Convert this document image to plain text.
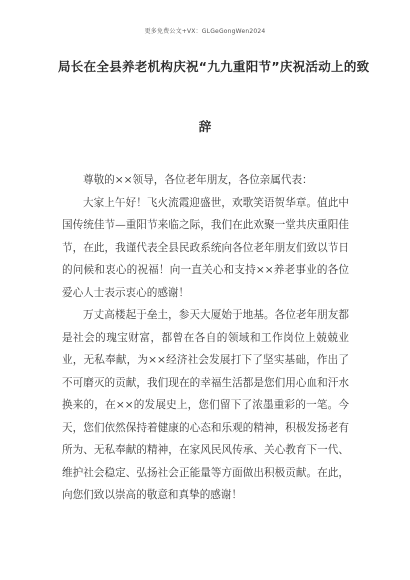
更多免费公文+VX：GLGeGongWen2024
局长在全县养老机构庆祝“九九重阳节”庆祝活动上的致
辞

尊敬的××领导，各位老年朋友，各位亲属代表：

大家上午好！飞火流霞迎盛世，欢歌笑语贺华章。值此中国传统佳节—重阳节来临之际，我们在此欢聚一堂共庆重阳佳节，在此，我谨代表全县民政系统向各位老年朋友们致以节日的问候和衷心的祝福！向一直关心和支持××养老事业的各位爱心人士表示衷心的感谢！

万丈高楼起于垒土，参天大厦始于地基。各位老年朋友都是社会的瑰宝财富，都曾在各自的领域和工作岗位上兢兢业业，无私奉献，为××经济社会发展打下了坚实基础，作出了不可磨灭的贡献，我们现在的幸福生活都是您们用心血和汗水换来的，在××的发展史上，您们留下了浓墨重彩的一笔。今天，您们依然保持着健康的心态和乐观的精神，积极发扬老有所为、无私奉献的精神，在家风民风传承、关心教育下一代、维护社会稳定、弘扬社会正能量等方面做出积极贡献。在此，向您们致以崇高的敬意和真挚的感谢！
